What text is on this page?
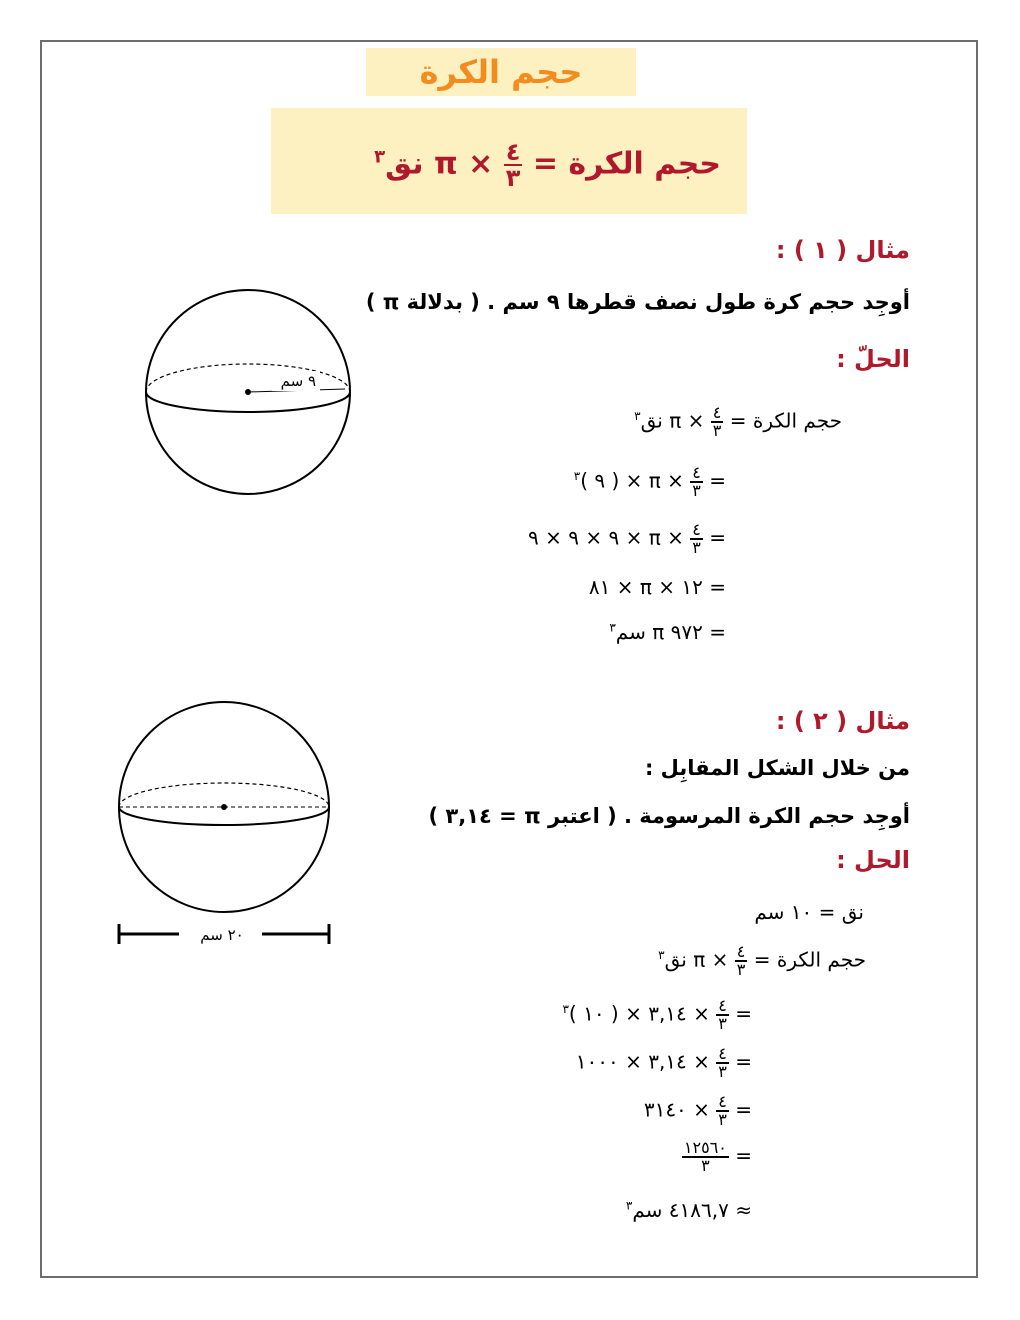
حجم الكرة
حجم الكرة =
$\frac{٤}{٣}$
× π نق$^٣$
مثال ( ١ ) :
أوجِد حجم كرة طول نصف قطرها ٩ سم . ( بدلالة π )
الحلّ :
٩ سم
حجم الكرة =
$\frac{٤}{٣}$
× π نق$^٣$
=
$\frac{٤}{٣}$
× π × ( ٩ )$^٣$
=
$\frac{٤}{٣}$
× π × ٩ × ٩ × ٩
= ١٢ × π × ٨١
= ٩٧٢ π سم$^٣$
مثال ( ٢ ) :
من خلال الشكل المقابِل :
أوجِد حجم الكرة المرسومة . ( اعتبر π = ٣,١٤ )
الحل :
٢٠ سم
نق = ١٠ سم
حجم الكرة =
$\frac{٤}{٣}$
× π نق$^٣$
=
$\frac{٤}{٣}$
× ٣,١٤ × ( ١٠ )$^٣$
=
$\frac{٤}{٣}$
× ٣,١٤ × ١٠٠٠
=
$\frac{٤}{٣}$
× ٣١٤٠
=
$\frac{١٢٥٦٠}{٣}$
≈ ٤١٨٦,٧ سم$^٣$
